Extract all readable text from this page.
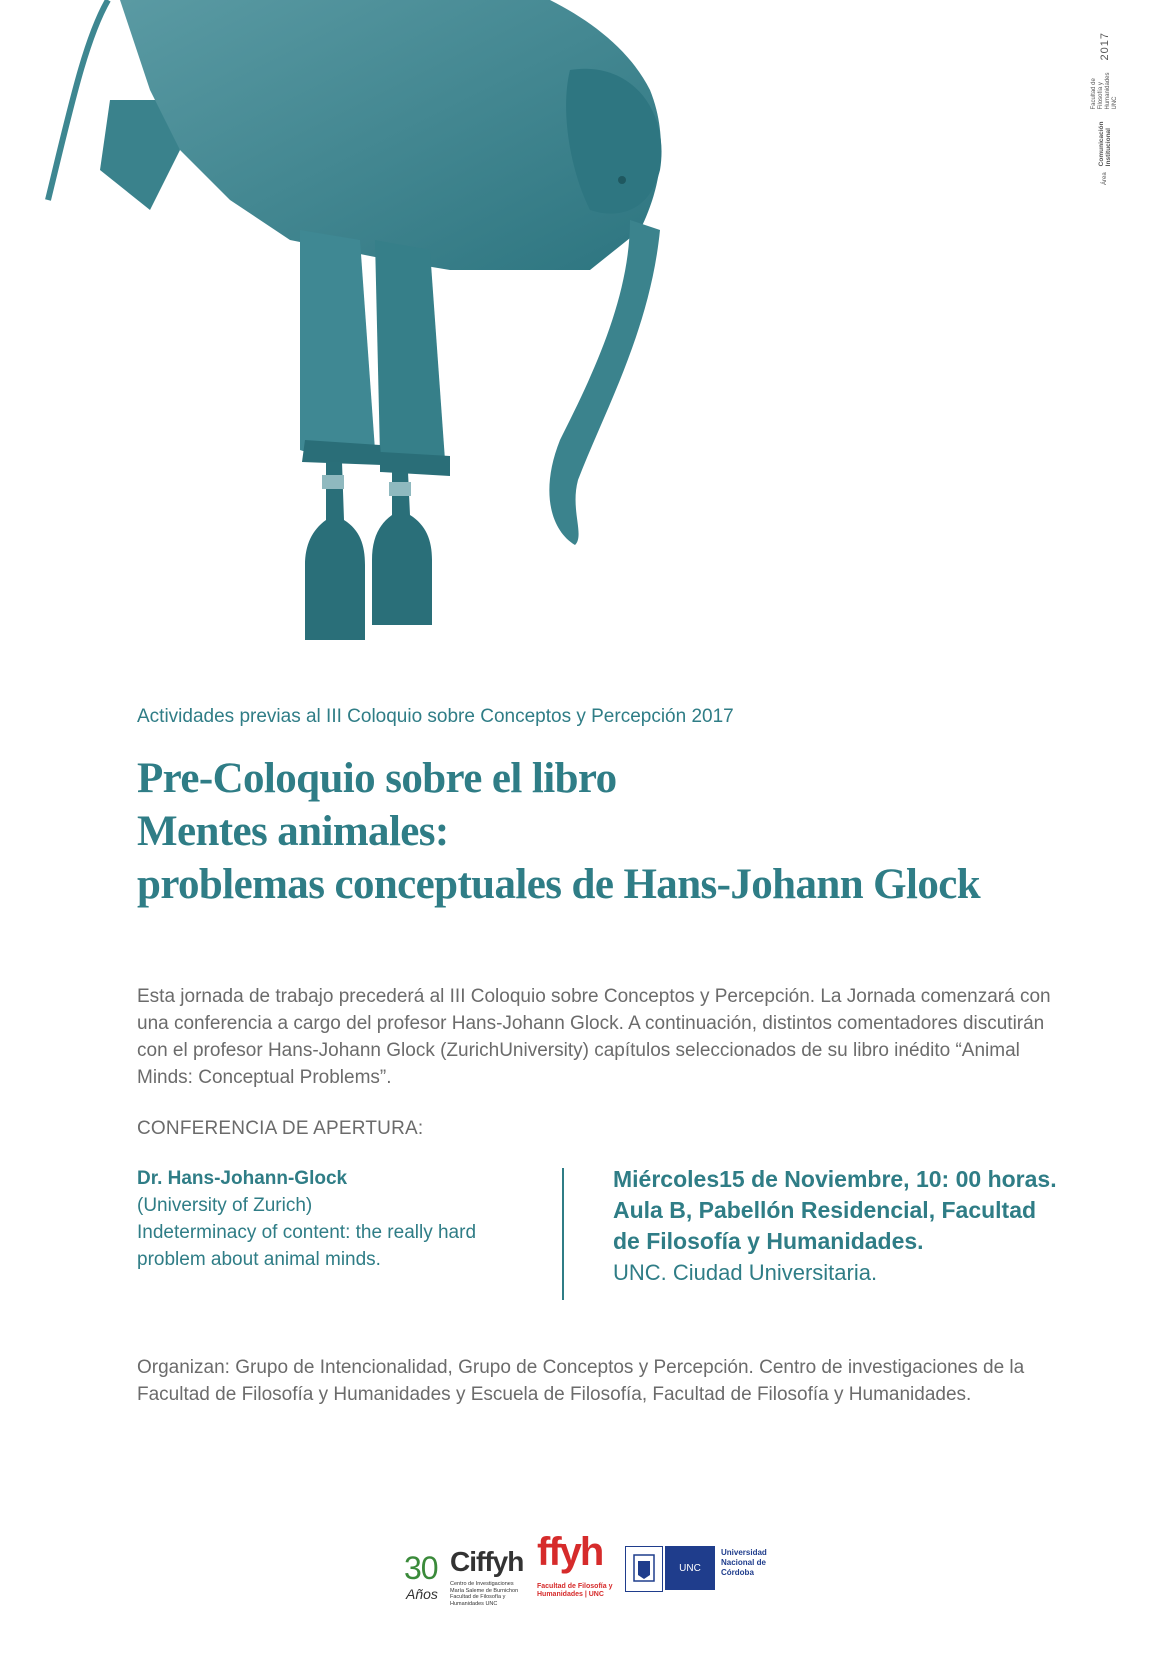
Área
Comunicación Institucional
Facultad de Filosofía y Humanidades UNC
2017
Actividades previas al III Coloquio sobre Conceptos y Percepción 2017
Pre-Coloquio sobre el libro
Mentes animales:
problemas conceptuales de Hans-Johann Glock

Esta jornada de trabajo precederá al III Coloquio sobre Conceptos y Percepción. La Jornada comenzará con una conferencia a cargo del profesor Hans-Johann Glock. A continuación, distintos comentadores discutirán con el profesor Hans-Johann Glock (ZurichUniversity) capítulos seleccionados de su libro inédito “Animal Minds: Conceptual Problems”.

CONFERENCIA DE APERTURA:
Dr. Hans-Johann-Glock
(University of Zurich)
Indeterminacy of content: the really hard
problem about animal minds.
Miércoles15 de Noviembre, 10: 00 horas.
Aula B, Pabellón Residencial, Facultad
de Filosofía y Humanidades.
UNC. Ciudad Universitaria.

Organizan: Grupo de Intencionalidad, Grupo de Conceptos y Percepción. Centro de investigaciones de la Facultad de Filosofía y Humanidades y Escuela de Filosofía, Facultad de Filosofía y Humanidades.

30
Años
Ciffyh
Centro de Investigaciones María Saleme de Burnichon Facultad de Filosofía y Humanidades UNC
ffyh
Facultad de Filosofía y Humanidades | UNC
UNC
Universidad Nacional de Córdoba
